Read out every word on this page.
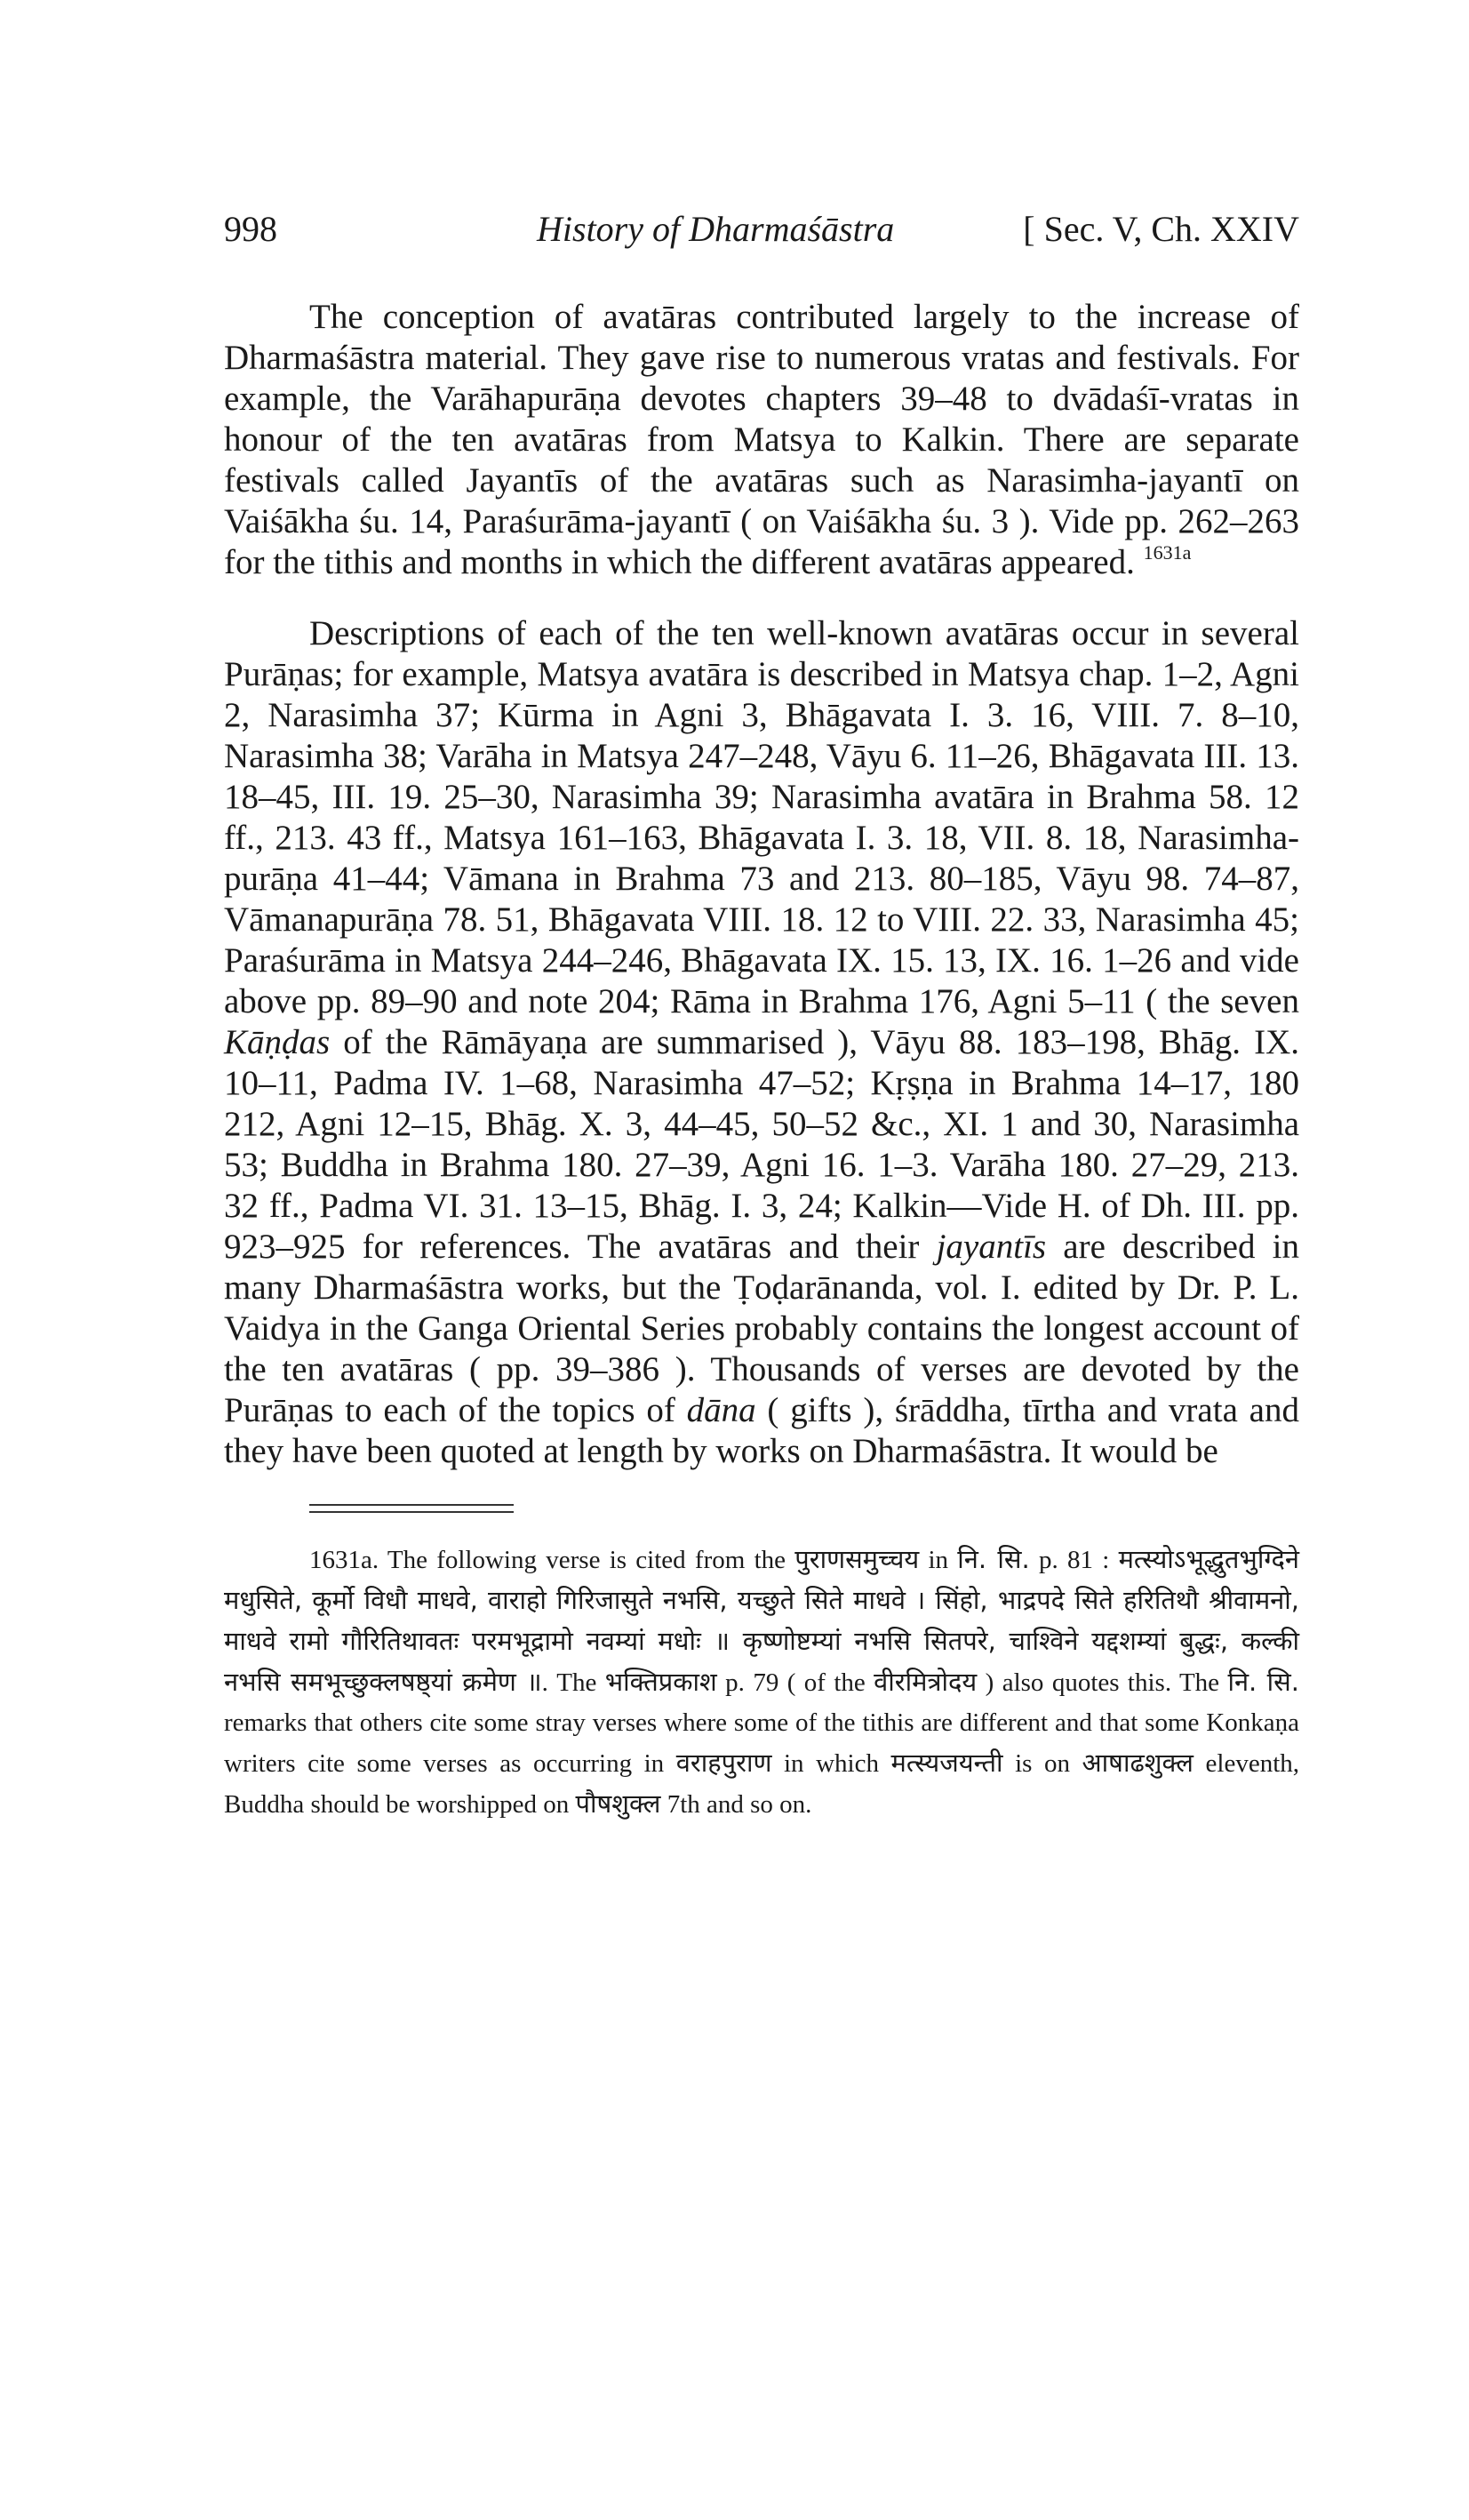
998	History of Dharmaśāstra	[ Sec. V, Ch. XXIV

The conception of avatāras contributed largely to the increase of Dharmaśāstra material. They gave rise to numerous vratas and festivals. For example, the Varāhapurāṇa devotes chapters 39–48 to dvādaśī-vratas in honour of the ten avatāras from Matsya to Kalkin. There are separate festivals called Jayantīs of the avatāras such as Narasimha-jayantī on Vaiśākha śu. 14, Paraśurāma-jayantī ( on Vaiśākha śu. 3 ). Vide pp. 262–263 for the tithis and months in which the different avatāras appeared. $^{1631a}$

Descriptions of each of the ten well-known avatāras occur in several Purāṇas; for example, Matsya avatāra is described in Matsya chap. 1–2, Agni 2, Narasimha 37; Kūrma in Agni 3, Bhāgavata I. 3. 16, VIII. 7. 8–10, Narasimha 38; Varāha in Matsya 247–248, Vāyu 6. 11–26, Bhāgavata III. 13. 18–45, III. 19. 25–30, Narasimha 39; Narasimha avatāra in Brahma 58. 12 ff., 213. 43 ff., Matsya 161–163, Bhāgavata I. 3. 18, VII. 8. 18, Narasimha-purāṇa 41–44; Vāmana in Brahma 73 and 213. 80–185, Vāyu 98. 74–87, Vāmanapurāṇa 78. 51, Bhāgavata VIII. 18. 12 to VIII. 22. 33, Narasimha 45; Paraśurāma in Matsya 244–246, Bhāgavata IX. 15. 13, IX. 16. 1–26 and vide above pp. 89–90 and note 204; Rāma in Brahma 176, Agni 5–11 ( the seven Kāṇḍas of the Rāmāyaṇa are summarised ), Vāyu 88. 183–198, Bhāg. IX. 10–11, Padma IV. 1–68, Narasimha 47–52; Kṛṣṇa in Brahma 14–17, 180 212, Agni 12–15, Bhāg. X. 3, 44–45, 50–52 &c., XI. 1 and 30, Narasimha 53; Buddha in Brahma 180. 27–39, Agni 16. 1–3. Varāha 180. 27–29, 213. 32 ff., Padma VI. 31. 13–15, Bhāg. I. 3, 24; Kalkin—Vide H. of Dh. III. pp. 923–925 for references. The avatāras and their jayantīs are described in many Dharmaśāstra works, but the Ṭoḍarānanda, vol. I. edited by Dr. P. L. Vaidya in the Ganga Oriental Series probably contains the longest account of the ten avatāras ( pp. 39–386 ). Thousands of verses are devoted by the Purāṇas to each of the topics of dāna ( gifts ), śrāddha, tīrtha and vrata and they have been quoted at length by works on Dharmaśāstra. It would be

1631a. The following verse is cited from the पुराणसमुच्चय in नि. सि. p. 81 : मत्स्योऽभूद्धुतभुग्दिने मधुसिते, कूर्मो विधौ माधवे, वाराहो गिरिजासुते नभसि, यच्छुते सिते माधवे । सिंहो, भाद्रपदे सिते हरितिथौ श्रीवामनो, माधवे रामो गौरितिथावतः परमभूद्रामो नवम्यां मधोः ॥ कृष्णोष्टम्यां नभसि सितपरे, चाश्विने यद्दशम्यां बुद्धः, कल्की नभसि समभूच्छुक्लषष्ठ्यां क्रमेण ॥. The भक्तिप्रकाश p. 79 ( of the वीरमित्रोदय ) also quotes this. The नि. सि. remarks that others cite some stray verses where some of the tithis are different and that some Konkaṇa writers cite some verses as occurring in वराहपुराण in which मत्स्यजयन्ती is on आषाढशुक्ल eleventh, Buddha should be worshipped on पौषशुक्ल 7th and so on.
